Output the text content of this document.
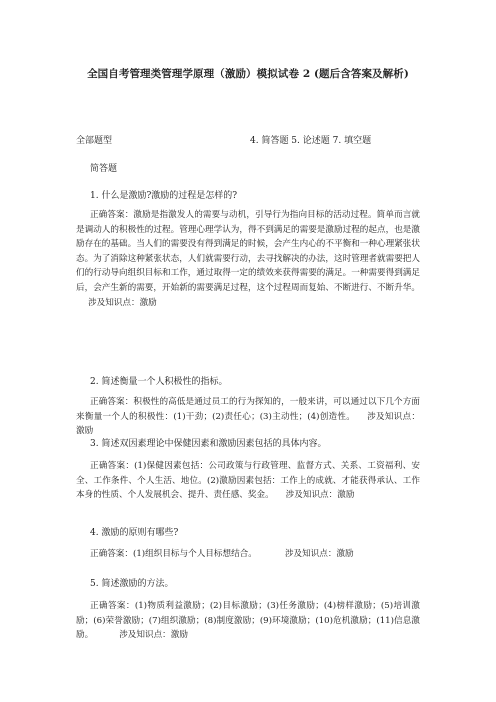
全国自考管理类管理学原理（激励）模拟试卷 2 (题后含答案及解析)
全部题型	4. 简答题 5. 论述题 7. 填空题
简答题
1. 什么是激励?激励的过程是怎样的?
正确答案：激励是指激发人的需要与动机，引导行为指向目标的活动过程。简单而言就是调动人的积极性的过程。管理心理学认为，得不到满足的需要是激励过程的起点，也是激励存在的基础。当人们的需要没有得到满足的时候，会产生内心的不平衡和一种心理紧张状态。为了消除这种紧张状态，人们就需要行动，去寻找解决的办法，这时管理者就需要把人们的行动导向组织目标和工作，通过取得一定的绩效来获得需要的满足。一种需要得到满足后，会产生新的需要，开始新的需要满足过程，这个过程周而复始、不断进行、不断升华。涉及知识点：激励
2. 简述衡量一个人积极性的指标。
正确答案：积极性的高低是通过员工的行为探知的，一般来讲，可以通过以下几个方面来衡量一个人的积极性：(1)干劲；(2)责任心；(3)主动性；(4)创造性。 涉及知识点：激励
3. 简述双因素理论中保健因素和激励因素包括的具体内容。
正确答案：(1)保健因素包括：公司政策与行政管理、监督方式、关系、工资福利、安全、工作条件、个人生活、地位。(2)激励因素包括：工作上的成就、才能获得承认、工作本身的性质、个人发展机会、提升、责任感、奖金。 涉及知识点：激励
4. 激励的原则有哪些?
正确答案：(1)组织目标与个人目标想结合。	涉及知识点：激励
5. 简述激励的方法。
正确答案：(1)物质利益激励；(2)目标激励；(3)任务激励；(4)榜样激励；(5)培训激励；(6)荣誉激励；(7)组织激励；(8)制度激励；(9)环境激励；(10)危机激励；(11)信息激励。	涉及知识点：激励
